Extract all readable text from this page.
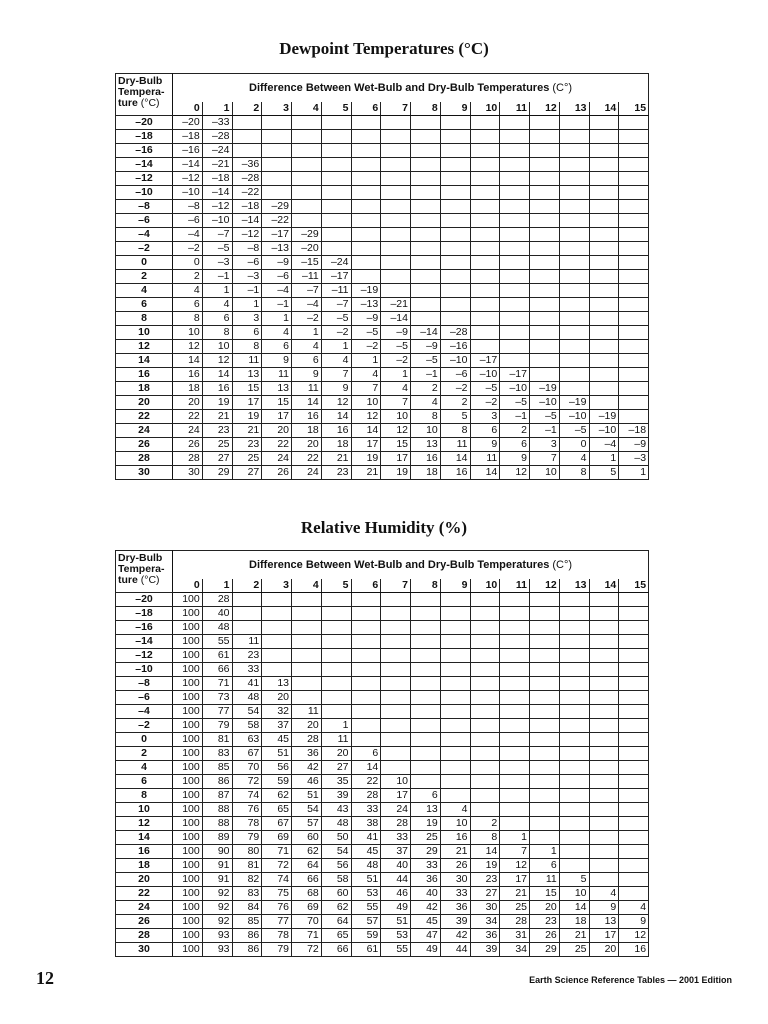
Dewpoint Temperatures (°C)
Dry-Bulb
Tempera-
ture (°C)	Difference Between Wet-Bulb and Dry-Bulb Temperatures (C°)															
	0	1	2	3	4	5	6	7	8	9	10	11	12	13	14	15
–20	–20	–33														
–18	–18	–28														
–16	–16	–24														
–14	–14	–21	–36													
–12	–12	–18	–28													
–10	–10	–14	–22													
–8	–8	–12	–18	–29												
–6	–6	–10	–14	–22												
–4	–4	–7	–12	–17	–29											
–2	–2	–5	–8	–13	–20											
0	0	–3	–6	–9	–15	–24										
2	2	–1	–3	–6	–11	–17										
4	4	1	–1	–4	–7	–11	–19									
6	6	4	1	–1	–4	–7	–13	–21								
8	8	6	3	1	–2	–5	–9	–14								
10	10	8	6	4	1	–2	–5	–9	–14	–28						
12	12	10	8	6	4	1	–2	–5	–9	–16						
14	14	12	11	9	6	4	1	–2	–5	–10	–17					
16	16	14	13	11	9	7	4	1	–1	–6	–10	–17				
18	18	16	15	13	11	9	7	4	2	–2	–5	–10	–19			
20	20	19	17	15	14	12	10	7	4	2	–2	–5	–10	–19		
22	22	21	19	17	16	14	12	10	8	5	3	–1	–5	–10	–19	
24	24	23	21	20	18	16	14	12	10	8	6	2	–1	–5	–10	–18
26	26	25	23	22	20	18	17	15	13	11	9	6	3	0	–4	–9
28	28	27	25	24	22	21	19	17	16	14	11	9	7	4	1	–3
30	30	29	27	26	24	23	21	19	18	16	14	12	10	8	5	1
Relative Humidity (%)
Dry-Bulb
Tempera-
ture (°C)	Difference Between Wet-Bulb and Dry-Bulb Temperatures (C°)															
	0	1	2	3	4	5	6	7	8	9	10	11	12	13	14	15
–20	100	28														
–18	100	40														
–16	100	48														
–14	100	55	11													
–12	100	61	23													
–10	100	66	33													
–8	100	71	41	13												
–6	100	73	48	20												
–4	100	77	54	32	11											
–2	100	79	58	37	20	1										
0	100	81	63	45	28	11										
2	100	83	67	51	36	20	6									
4	100	85	70	56	42	27	14									
6	100	86	72	59	46	35	22	10								
8	100	87	74	62	51	39	28	17	6							
10	100	88	76	65	54	43	33	24	13	4						
12	100	88	78	67	57	48	38	28	19	10	2					
14	100	89	79	69	60	50	41	33	25	16	8	1				
16	100	90	80	71	62	54	45	37	29	21	14	7	1			
18	100	91	81	72	64	56	48	40	33	26	19	12	6			
20	100	91	82	74	66	58	51	44	36	30	23	17	11	5		
22	100	92	83	75	68	60	53	46	40	33	27	21	15	10	4	
24	100	92	84	76	69	62	55	49	42	36	30	25	20	14	9	4
26	100	92	85	77	70	64	57	51	45	39	34	28	23	18	13	9
28	100	93	86	78	71	65	59	53	47	42	36	31	26	21	17	12
30	100	93	86	79	72	66	61	55	49	44	39	34	29	25	20	16
12	Earth Science Reference Tables — 2001 Edition
